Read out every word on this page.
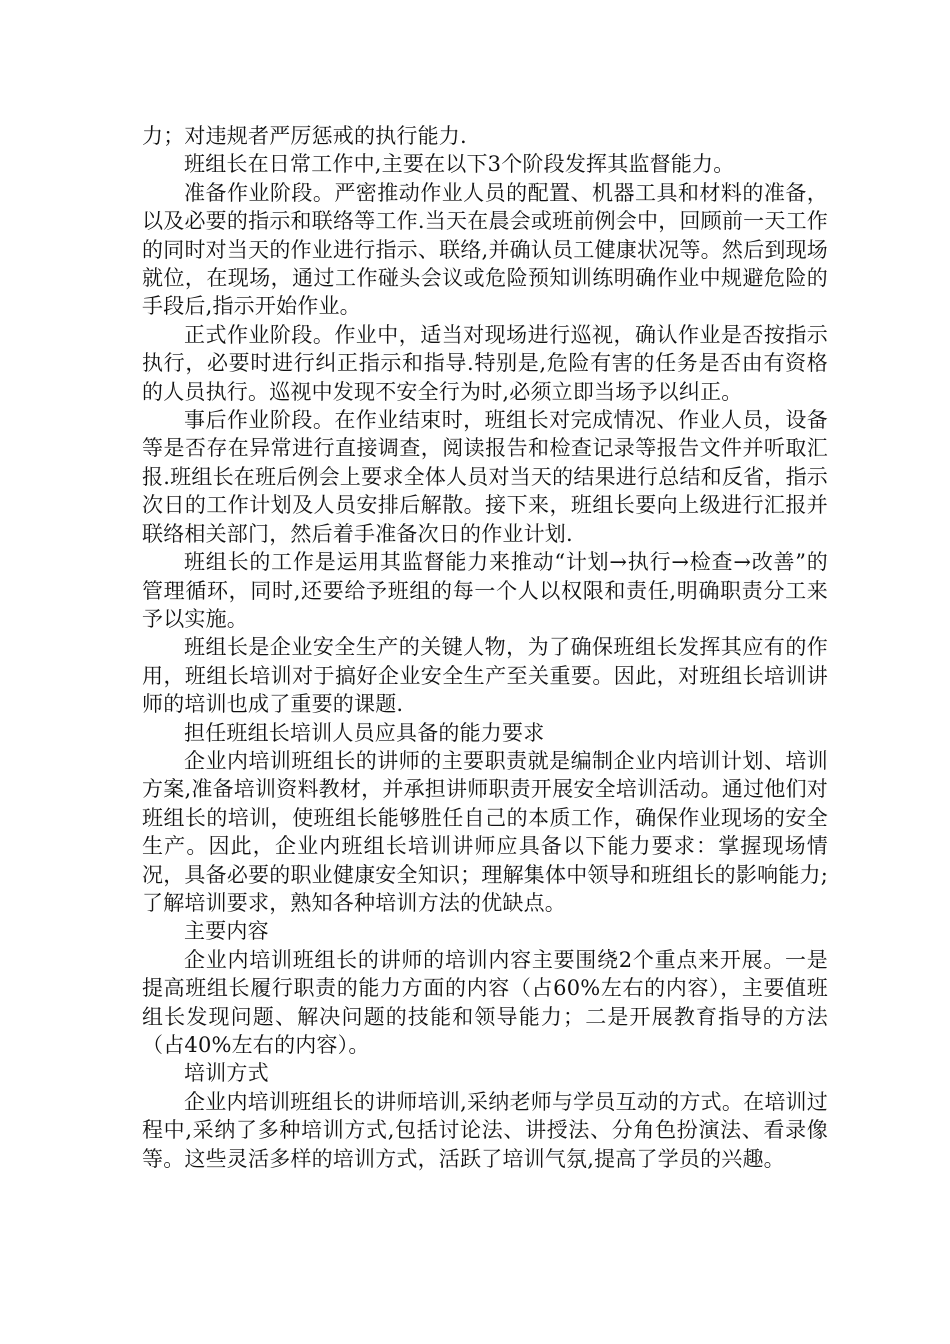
力；对违规者严厉惩戒的执行能力.

班组长在日常工作中,主要在以下3个阶段发挥其监督能力。

准备作业阶段。严密推动作业人员的配置、机器工具和材料的准备，以及必要的指示和联络等工作.当天在晨会或班前例会中，回顾前一天工作的同时对当天的作业进行指示、联络,并确认员工健康状况等。然后到现场就位，在现场，通过工作碰头会议或危险预知训练明确作业中规避危险的手段后,指示开始作业。

正式作业阶段。作业中，适当对现场进行巡视，确认作业是否按指示执行，必要时进行纠正指示和指导.特别是,危险有害的任务是否由有资格的人员执行。巡视中发现不安全行为时,必须立即当场予以纠正。

事后作业阶段。在作业结束时，班组长对完成情况、作业人员，设备等是否存在异常进行直接调查，阅读报告和检查记录等报告文件并听取汇报.班组长在班后例会上要求全体人员对当天的结果进行总结和反省，指示次日的工作计划及人员安排后解散。接下来，班组长要向上级进行汇报并联络相关部门，然后着手准备次日的作业计划.

班组长的工作是运用其监督能力来推动“计划→执行→检查→改善”的管理循环，同时,还要给予班组的每一个人以权限和责任,明确职责分工来予以实施。

班组长是企业安全生产的关键人物，为了确保班组长发挥其应有的作用，班组长培训对于搞好企业安全生产至关重要。因此，对班组长培训讲师的培训也成了重要的课题.

担任班组长培训人员应具备的能力要求

企业内培训班组长的讲师的主要职责就是编制企业内培训计划、培训方案,准备培训资料教材，并承担讲师职责开展安全培训活动。通过他们对班组长的培训，使班组长能够胜任自己的本质工作，确保作业现场的安全生产。因此，企业内班组长培训讲师应具备以下能力要求：掌握现场情况，具备必要的职业健康安全知识；理解集体中领导和班组长的影响能力;了解培训要求，熟知各种培训方法的优缺点。

主要内容

企业内培训班组长的讲师的培训内容主要围绕2个重点来开展。一是提高班组长履行职责的能力方面的内容（占60%左右的内容），主要值班组长发现问题、解决问题的技能和领导能力；二是开展教育指导的方法（占40%左右的内容）。

培训方式

企业内培训班组长的讲师培训,采纳老师与学员互动的方式。在培训过程中,采纳了多种培训方式,包括讨论法、讲授法、分角色扮演法、看录像等。这些灵活多样的培训方式，活跃了培训气氛,提高了学员的兴趣。
